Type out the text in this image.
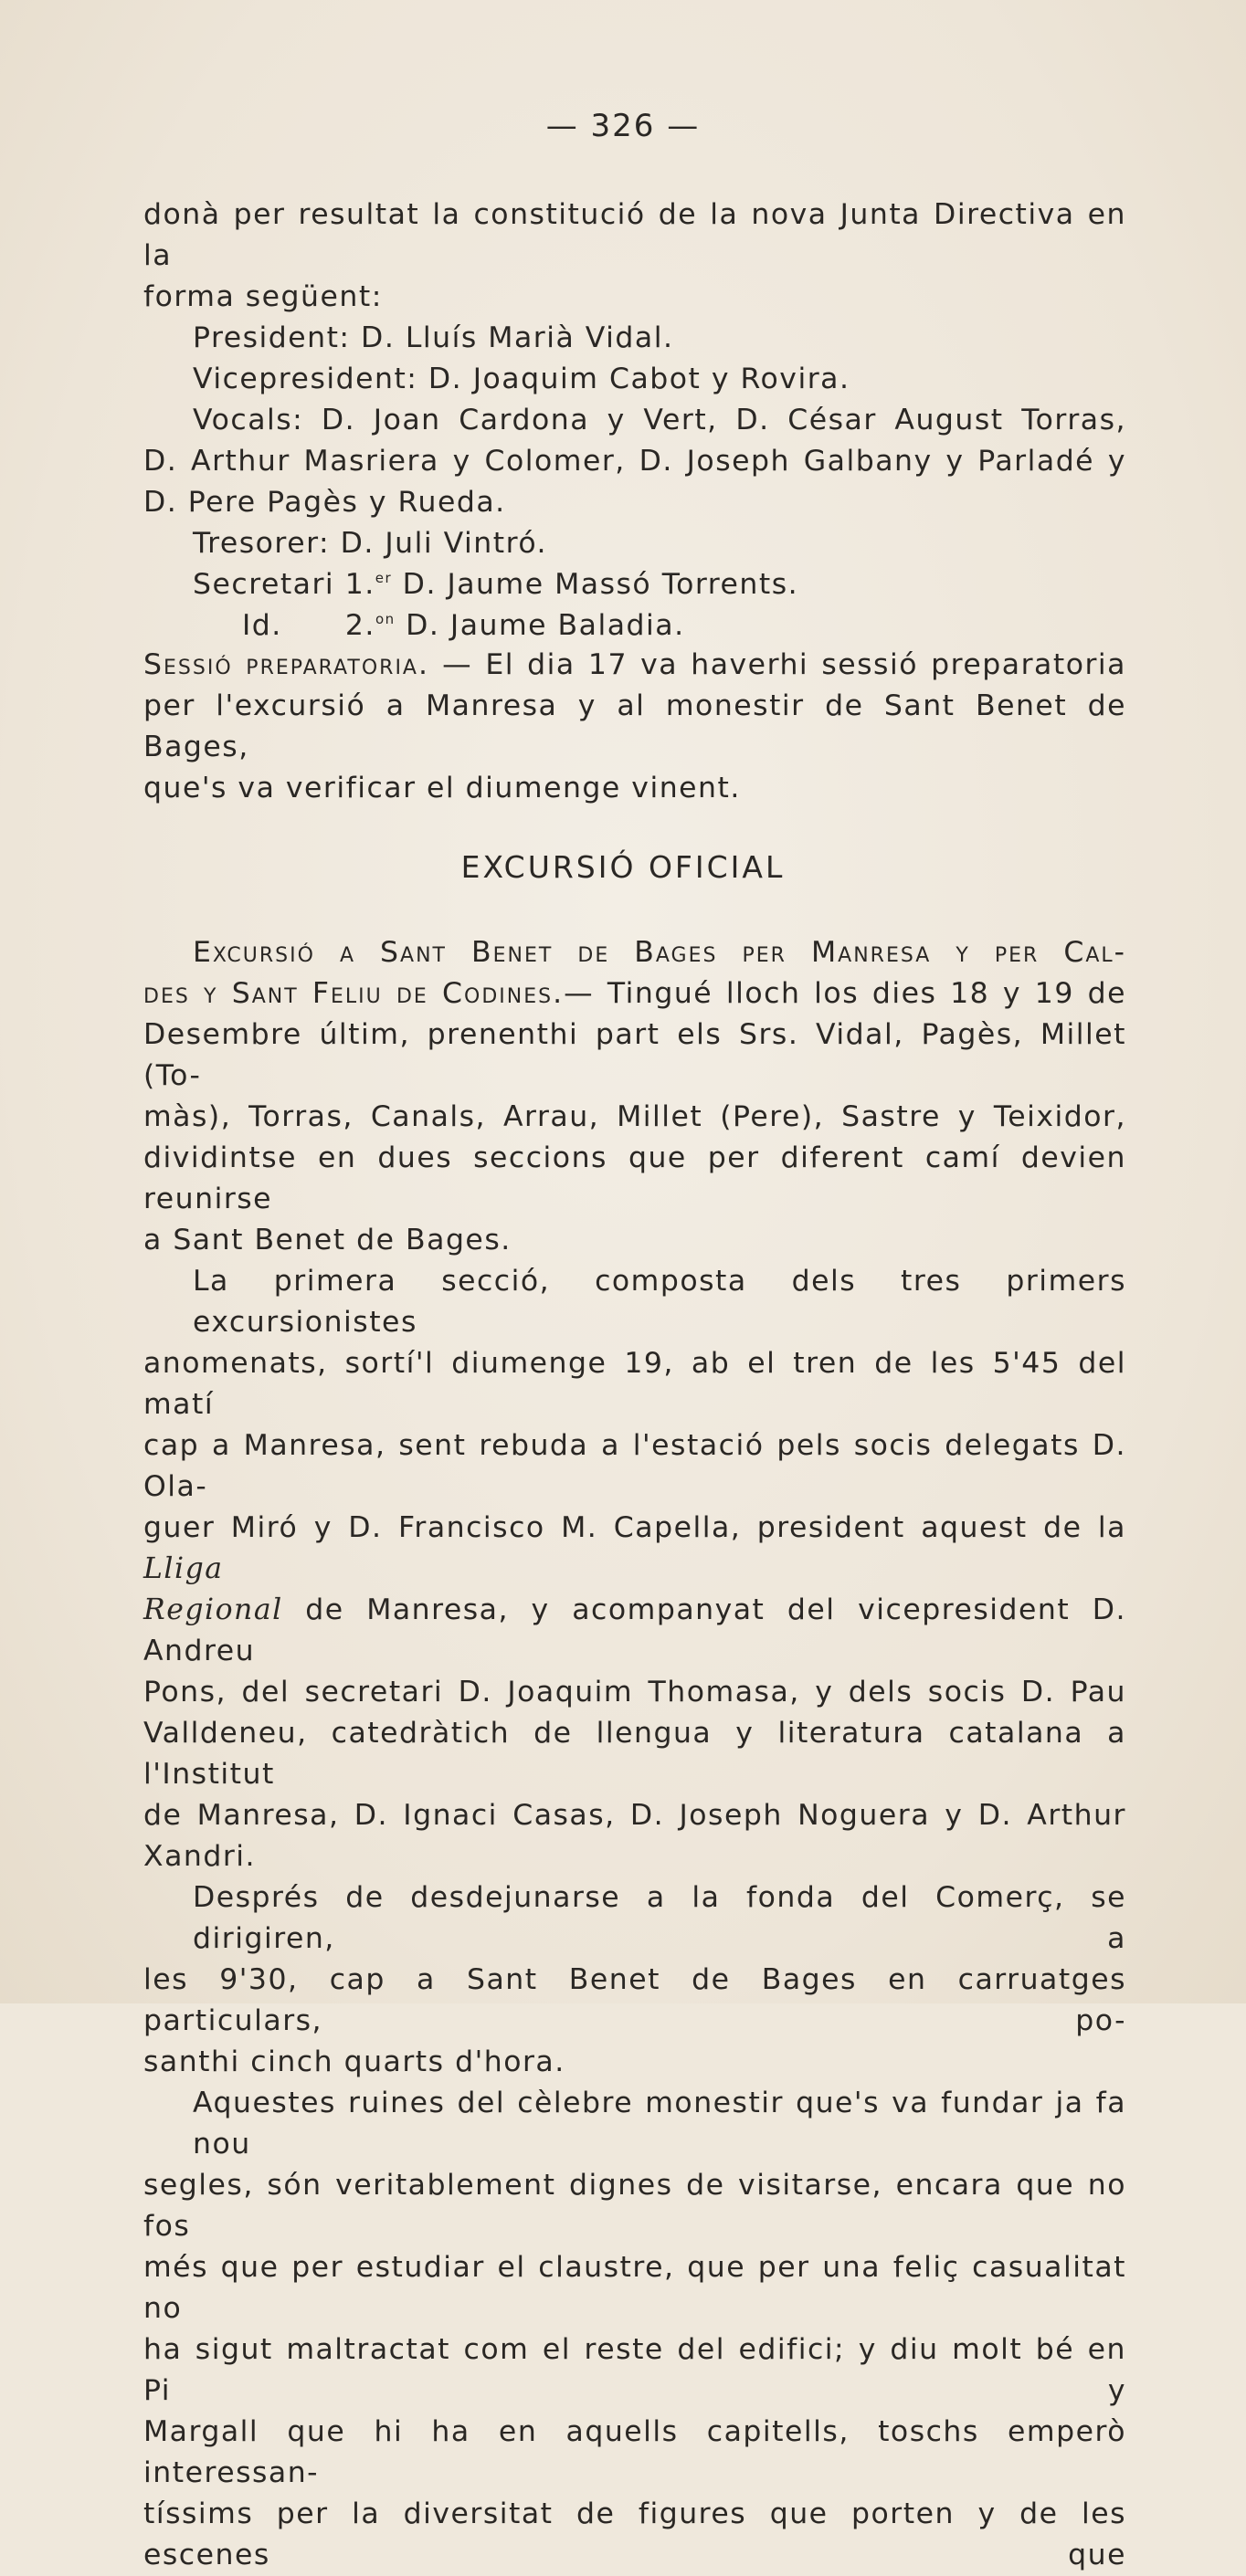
— 326 —
donà per resultat la constitució de la nova Junta Directiva en la
forma següent:
President: D. Lluís Marià Vidal.
Vicepresident: D. Joaquim Cabot y Rovira.
Vocals: D. Joan Cardona y Vert, D. César August Torras,
D. Arthur Masriera y Colomer, D. Joseph Galbany y Parladé y
D. Pere Pagès y Rueda.
Tresorer: D. Juli Vintró.
Secretari 1.$^{er}$ D. Jaume Massó Torrents.
Id.      2.$^{on}$ D. Jaume Baladia.
Sessió preparatoria. — El dia 17 va haverhi sessió preparatoria
per l'excursió a Manresa y al monestir de Sant Benet de Bages,
que's va verificar el diumenge vinent.
EXCURSIÓ OFICIAL
Excursió a Sant Benet de Bages per Manresa y per Cal-
des y Sant Feliu de Codines.— Tingué lloch los dies 18 y 19 de
Desembre últim, prenenthi part els Srs. Vidal, Pagès, Millet (To-
màs), Torras, Canals, Arrau, Millet (Pere), Sastre y Teixidor,
dividintse en dues seccions que per diferent camí devien reunirse
a Sant Benet de Bages.
La primera secció, composta dels tres primers excursionistes
anomenats, sortí'l diumenge 19, ab el tren de les 5'45 del matí
cap a Manresa, sent rebuda a l'estació pels socis delegats D. Ola-
guer Miró y D. Francisco M. Capella, president aquest de la Lliga
Regional de Manresa, y acompanyat del vicepresident D. Andreu
Pons, del secretari D. Joaquim Thomasa, y dels socis D. Pau
Valldeneu, catedràtich de llengua y literatura catalana a l'Institut
de Manresa, D. Ignaci Casas, D. Joseph Noguera y D. Arthur
Xandri.
Després de desdejunarse a la fonda del Comerç, se dirigiren, a
les 9'30, cap a Sant Benet de Bages en carruatges particulars, po-
santhi cinch quarts d'hora.
Aquestes ruines del cèlebre monestir que's va fundar ja fa nou
segles, són veritablement dignes de visitarse, encara que no fos
més que per estudiar el claustre, que per una feliç casualitat no
ha sigut maltractat com el reste del edifici; y diu molt bé en Pi y
Margall que hi ha en aquells capitells, toschs emperò interessan-
tíssims per la diversitat de figures que porten y de les escenes que
